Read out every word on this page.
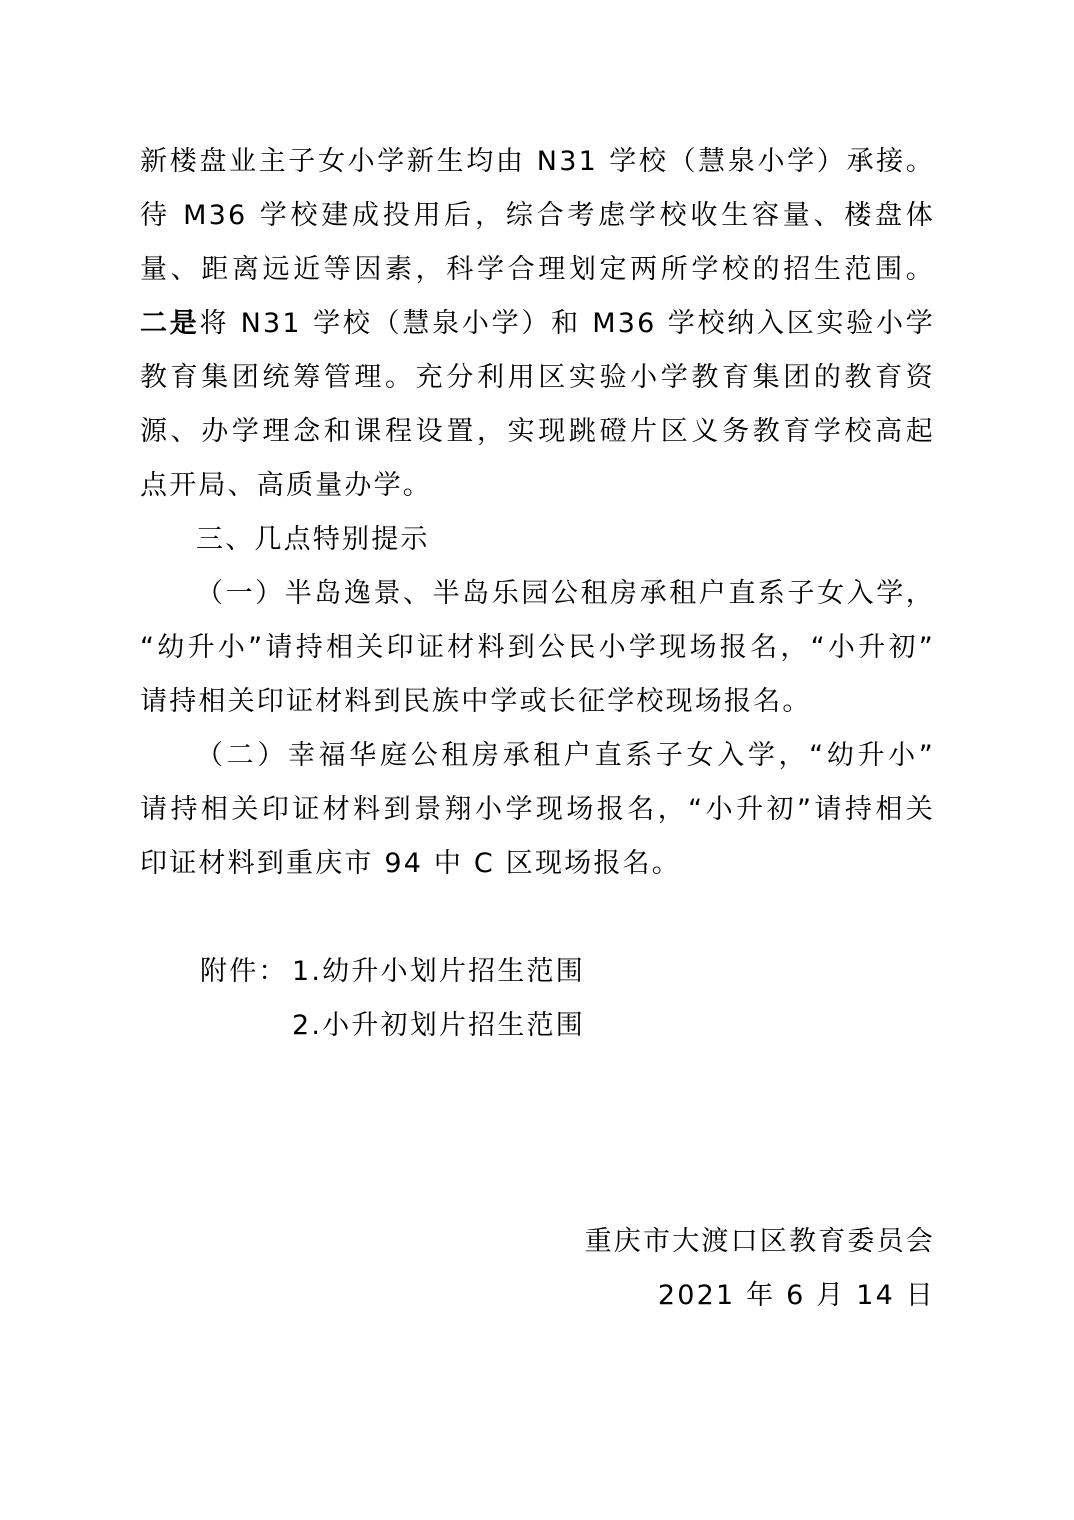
新楼盘业主子女小学新生均由 N31 学校（慧泉小学）承接。
待 M36 学校建成投用后，综合考虑学校收生容量、楼盘体
量、距离远近等因素，科学合理划定两所学校的招生范围。
二是将 N31 学校（慧泉小学）和 M36 学校纳入区实验小学
教育集团统筹管理。充分利用区实验小学教育集团的教育资
源、办学理念和课程设置，实现跳磴片区义务教育学校高起
点开局、高质量办学。
三、几点特别提示
（一）半岛逸景、半岛乐园公租房承租户直系子女入学，
“幼升小”请持相关印证材料到公民小学现场报名，“小升初”
请持相关印证材料到民族中学或长征学校现场报名。
（二）幸福华庭公租房承租户直系子女入学，“幼升小”
请持相关印证材料到景翔小学现场报名，“小升初”请持相关
印证材料到重庆市 94 中 C 区现场报名。
附件： 1.幼升小划片招生范围
2.小升初划片招生范围
重庆市大渡口区教育委员会
2021 年 6 月 14 日
